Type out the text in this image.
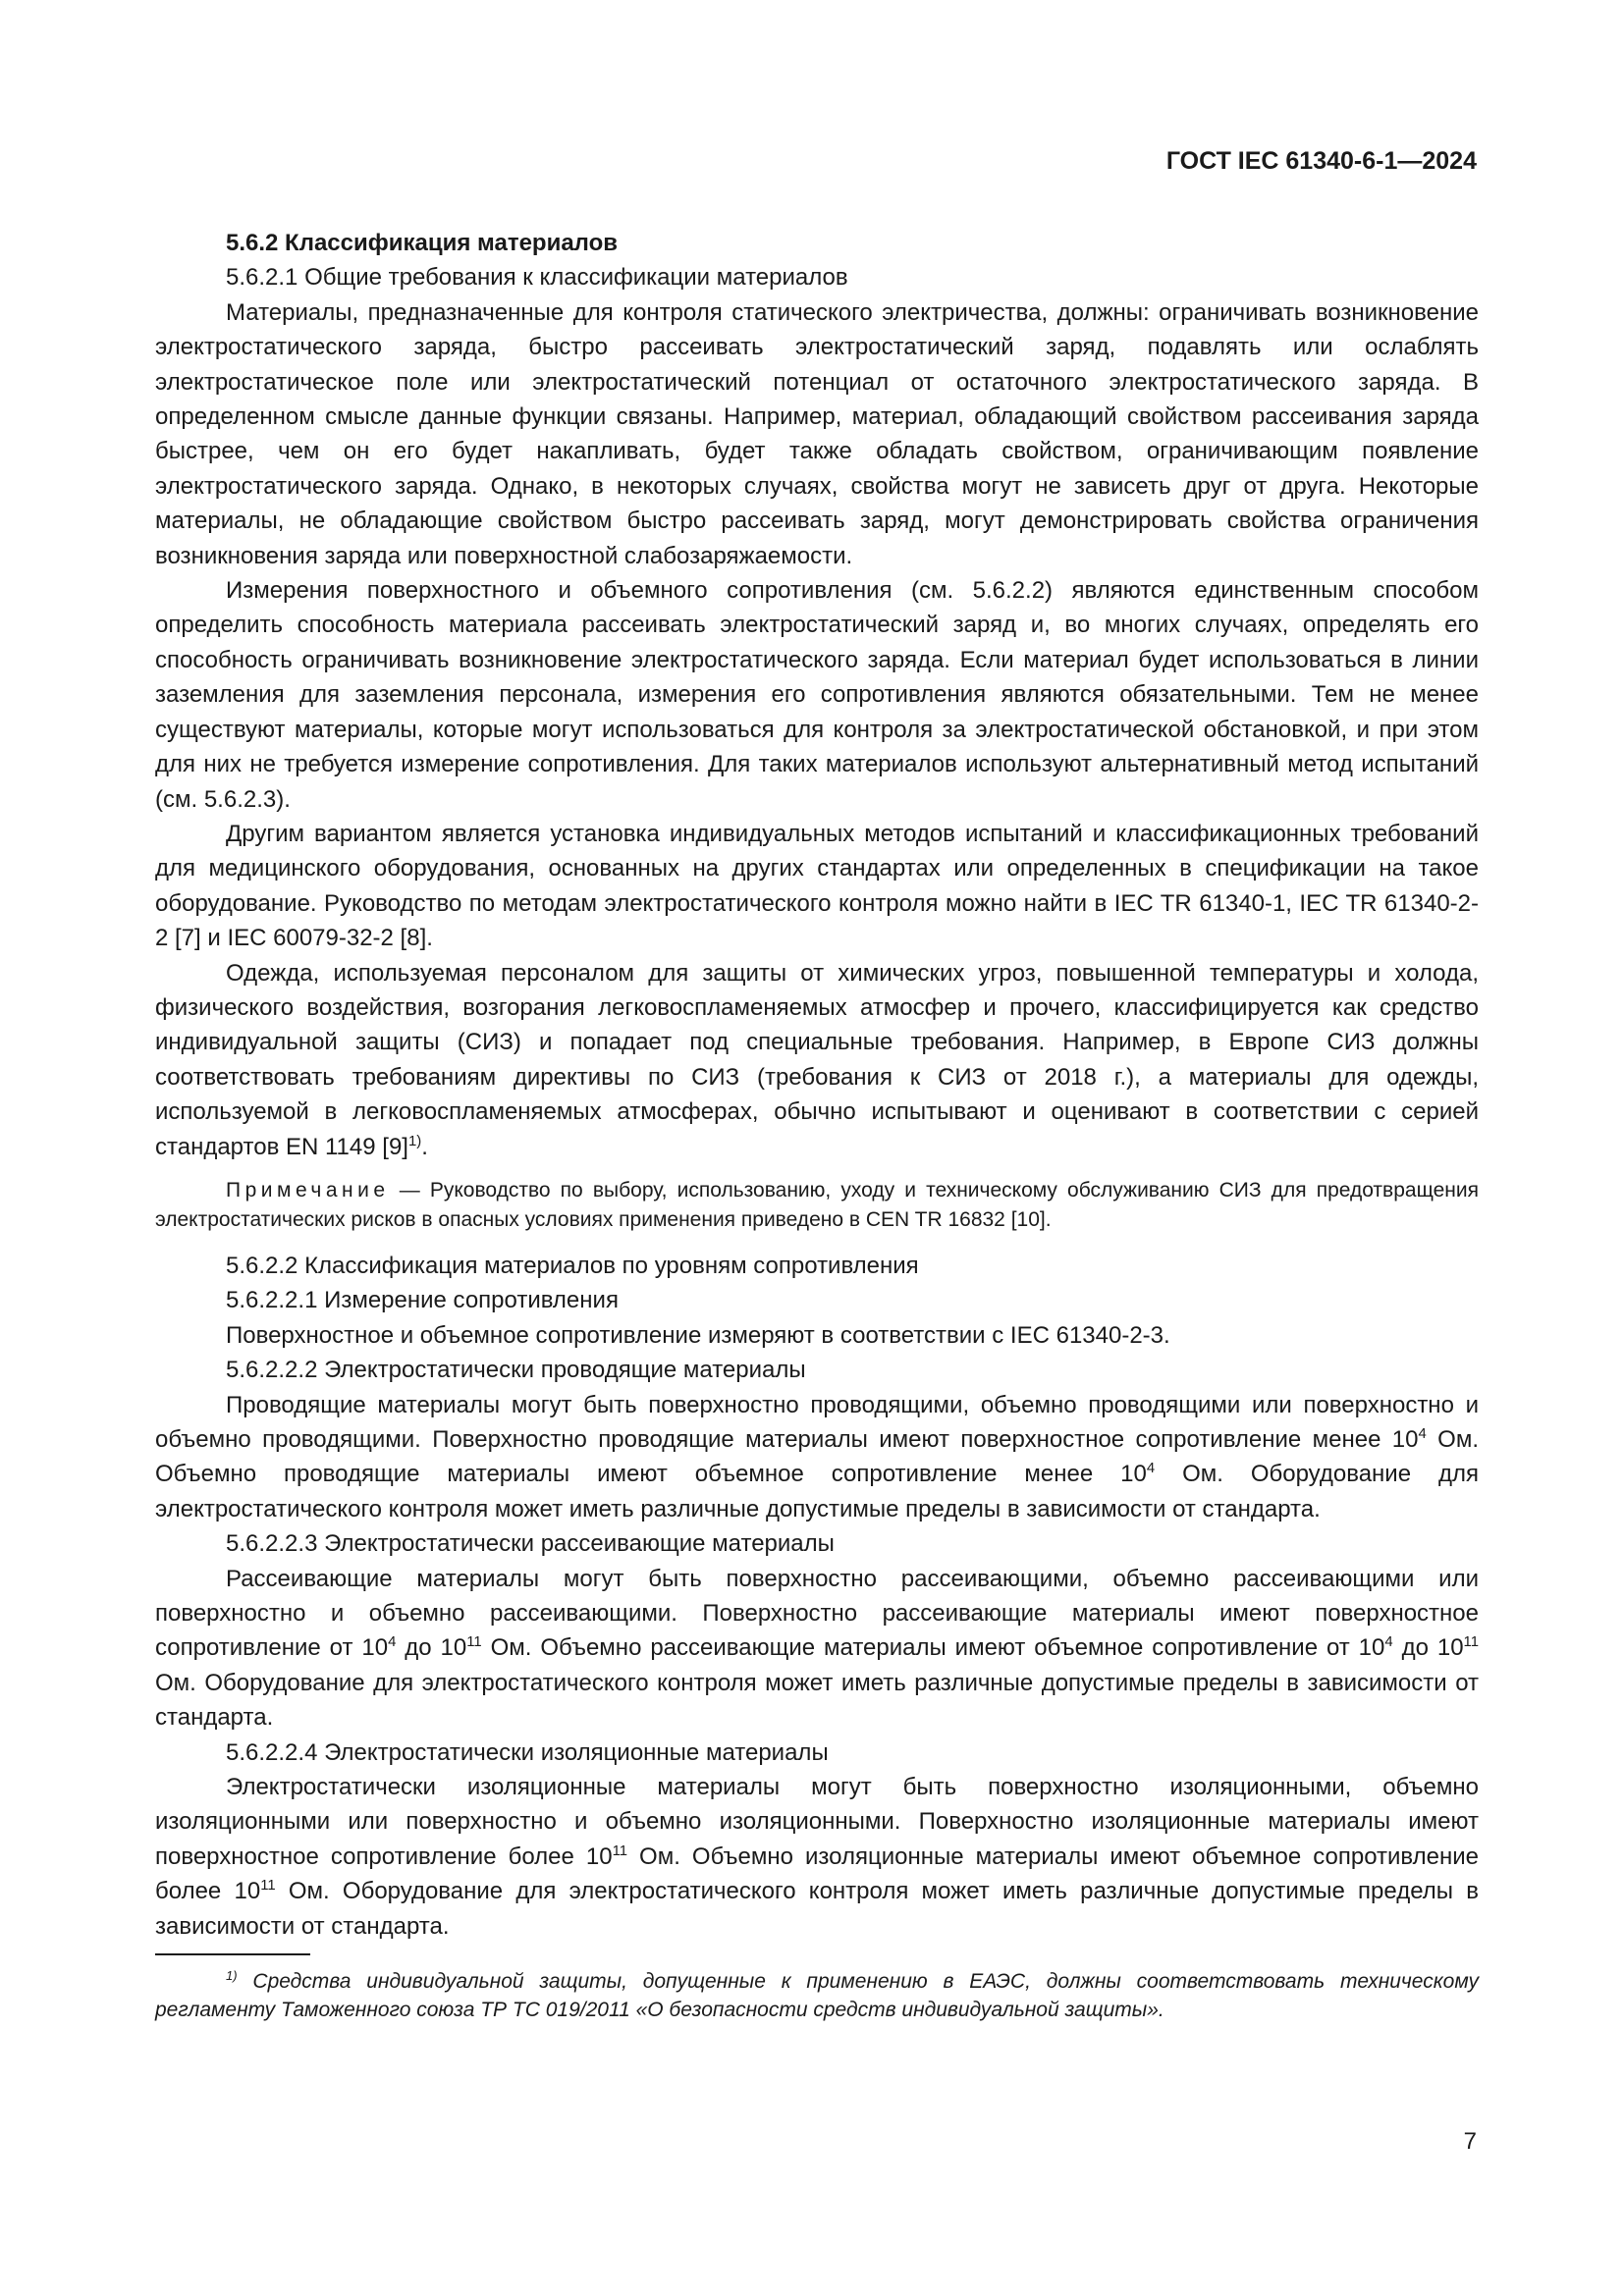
ГОСТ IEC 61340-6-1—2024

5.6.2 Классификация материалов

5.6.2.1 Общие требования к классификации материалов

Материалы, предназначенные для контроля статического электричества, должны: ограничивать возникновение электростатического заряда, быстро рассеивать электростатический заряд, подавлять или ослаблять электростатическое поле или электростатический потенциал от остаточного электростатического заряда. В определенном смысле данные функции связаны. Например, материал, обладающий свойством рассеивания заряда быстрее, чем он его будет накапливать, будет также обладать свойством, ограничивающим появление электростатического заряда. Однако, в некоторых случаях, свойства могут не зависеть друг от друга. Некоторые материалы, не обладающие свойством быстро рассеивать заряд, могут демонстрировать свойства ограничения возникновения заряда или поверхностной слабозаряжаемости.

Измерения поверхностного и объемного сопротивления (см. 5.6.2.2) являются единственным способом определить способность материала рассеивать электростатический заряд и, во многих случаях, определять его способность ограничивать возникновение электростатического заряда. Если материал будет использоваться в линии заземления для заземления персонала, измерения его сопротивления являются обязательными. Тем не менее существуют материалы, которые могут использоваться для контроля за электростатической обстановкой, и при этом для них не требуется измерение сопротивления. Для таких материалов используют альтернативный метод испытаний (см. 5.6.2.3).

Другим вариантом является установка индивидуальных методов испытаний и классификационных требований для медицинского оборудования, основанных на других стандартах или определенных в спецификации на такое оборудование. Руководство по методам электростатического контроля можно найти в IEC TR 61340-1, IEC TR 61340-2-2 [7] и IEC 60079-32-2 [8].

Одежда, используемая персоналом для защиты от химических угроз, повышенной температуры и холода, физического воздействия, возгорания легковоспламеняемых атмосфер и прочего, классифицируется как средство индивидуальной защиты (СИЗ) и попадает под специальные требования. Например, в Европе СИЗ должны соответствовать требованиям директивы по СИЗ (требования к СИЗ от 2018 г.), а материалы для одежды, используемой в легковоспламеняемых атмосферах, обычно испытывают и оценивают в соответствии с серией стандартов EN 1149 $[9]^{1)}$.

Примечание — Руководство по выбору, использованию, уходу и техническому обслуживанию СИЗ для предотвращения электростатических рисков в опасных условиях применения приведено в CEN TR 16832 [10].

5.6.2.2 Классификация материалов по уровням сопротивления

5.6.2.2.1 Измерение сопротивления

Поверхностное и объемное сопротивление измеряют в соответствии с IEC 61340-2-3.

5.6.2.2.2 Электростатически проводящие материалы

Проводящие материалы могут быть поверхностно проводящими, объемно проводящими или поверхностно и объемно проводящими. Поверхностно проводящие материалы имеют поверхностное сопротивление менее $10^4$ Ом. Объемно проводящие материалы имеют объемное сопротивление менее $10^4$ Ом. Оборудование для электростатического контроля может иметь различные допустимые пределы в зависимости от стандарта.

5.6.2.2.3 Электростатически рассеивающие материалы

Рассеивающие материалы могут быть поверхностно рассеивающими, объемно рассеивающими или поверхностно и объемно рассеивающими. Поверхностно рассеивающие материалы имеют поверхностное сопротивление от $10^4$ до $10^{11}$ Ом. Объемно рассеивающие материалы имеют объемное сопротивление от $10^4$ до $10^{11}$ Ом. Оборудование для электростатического контроля может иметь различные допустимые пределы в зависимости от стандарта.

5.6.2.2.4 Электростатически изоляционные материалы

Электростатически изоляционные материалы могут быть поверхностно изоляционными, объемно изоляционными или поверхностно и объемно изоляционными. Поверхностно изоляционные материалы имеют поверхностное сопротивление более $10^{11}$ Ом. Объемно изоляционные материалы имеют объемное сопротивление более $10^{11}$ Ом. Оборудование для электростатического контроля может иметь различные допустимые пределы в зависимости от стандарта.

$^{1)}$ Средства индивидуальной защиты, допущенные к применению в ЕАЭС, должны соответствовать техническому регламенту Таможенного союза ТР ТС 019/2011 «О безопасности средств индивидуальной защиты».

7
